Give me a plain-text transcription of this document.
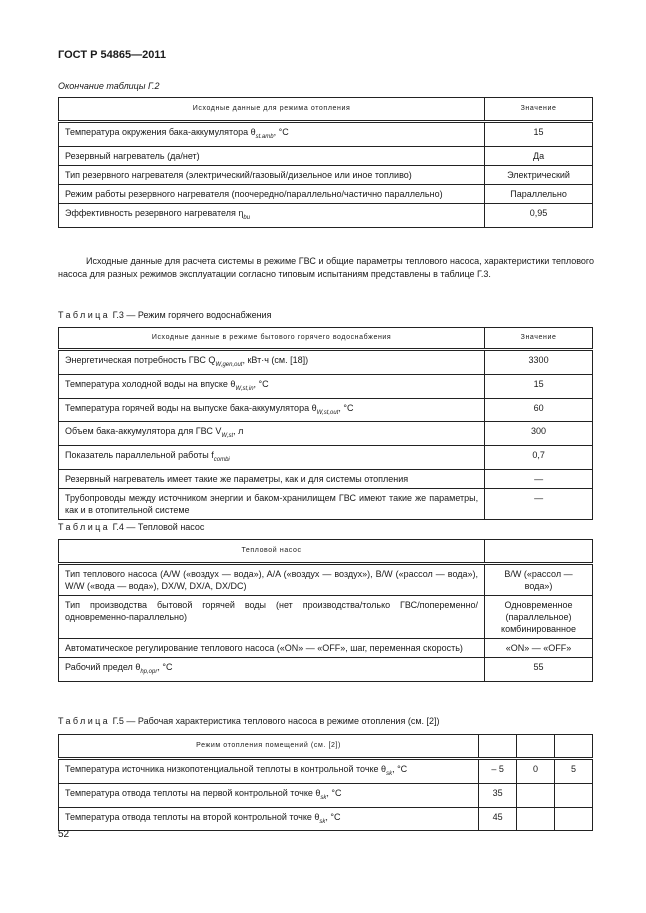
ГОСТ Р 54865—2011
Окончание таблицы Г.2
Исходные данные для режима отопления	Значение
Температура окружения бака-аккумулятора $\theta_{st.amb}$, °С	15
Резервный нагреватель (да/нет)	Да
Тип резервного нагревателя (электрический/газовый/дизельное или иное топливо)	Электрический
Режим работы резервного нагревателя (поочередно/параллельно/частично параллельно)	Параллельно
Эффективность резервного нагревателя $\eta_{bu}$	0,95
Исходные данные для расчета системы в режиме ГВС и общие параметры теплового насоса, характеристики теплового насоса для разных режимов эксплуатации согласно типовым испытаниям представлены в таблице Г.3.
Таблица Г.3 — Режим горячего водоснабжения
Исходные данные в режиме бытового горячего водоснабжения	Значение
Энергетическая потребность ГВС $Q_{W,gen,out}$, кВт·ч (см. [18])	3300
Температура холодной воды на впуске $\theta_{W,st,in}$, °С	15
Температура горячей воды на выпуске бака-аккумулятора $\theta_{W,st,out}$, °С	60
Объем бака-аккумулятора для ГВС $V_{W,st}$, л	300
Показатель параллельной работы $f_{combi}$	0,7
Резервный нагреватель имеет такие же параметры, как и для системы отопления	—
Трубопроводы между источником энергии и баком-хранилищем ГВС имеют такие же параметры, как и в отопительной системе	—
Таблица Г.4 — Тепловой насос
Тепловой насос	
Тип теплового насоса (A/W («воздух — вода»), A/A («воздух — воздух»), B/W («рассол — вода»), W/W («вода — вода»), DX/W, DX/A, DX/DC)	B/W («рассол — вода»)
Тип производства бытовой горячей воды (нет производства/только ГВС/попеременно/одновременно-параллельно)	Одновременное (параллельное) комбинированное
Автоматическое регулирование теплового насоса («ON» — «OFF», шаг, переменная скорость)	«ON» — «OFF»
Рабочий предел $\theta_{hp,opr}$, °С	55
Таблица Г.5 — Рабочая характеристика теплового насоса в режиме отопления (см. [2])
Режим отопления помещений (см. [2])			
Температура источника низкопотенциальной теплоты в контрольной точке $\theta_{sk}$, °С	– 5	0	5
Температура отвода теплоты на первой контрольной точке $\theta_{sk}$, °С	35		
Температура отвода теплоты на второй контрольной точке $\theta_{sk}$, °С	45		
52
